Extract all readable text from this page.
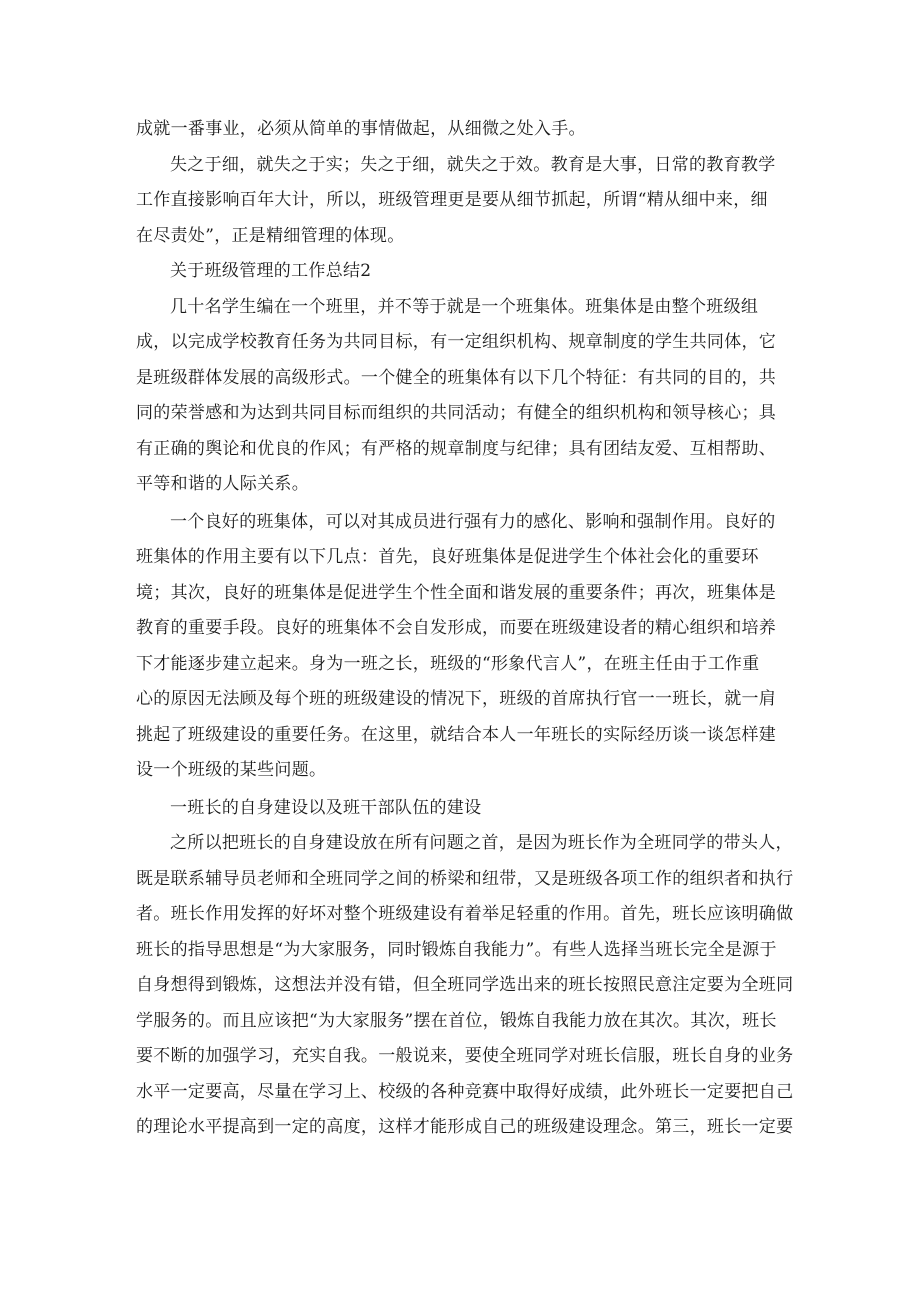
成就一番事业，必须从简单的事情做起，从细微之处入手。
失之于细，就失之于实；失之于细，就失之于效。教育是大事，日常的教育教学
工作直接影响百年大计，所以，班级管理更是要从细节抓起，所谓“精从细中来，细
在尽责处”，正是精细管理的体现。
关于班级管理的工作总结2
几十名学生编在一个班里，并不等于就是一个班集体。班集体是由整个班级组
成，以完成学校教育任务为共同目标，有一定组织机构、规章制度的学生共同体，它
是班级群体发展的高级形式。一个健全的班集体有以下几个特征：有共同的目的，共
同的荣誉感和为达到共同目标而组织的共同活动；有健全的组织机构和领导核心；具
有正确的舆论和优良的作风；有严格的规章制度与纪律；具有团结友爱、互相帮助、
平等和谐的人际关系。
一个良好的班集体，可以对其成员进行强有力的感化、影响和强制作用。良好的
班集体的作用主要有以下几点：首先，良好班集体是促进学生个体社会化的重要环
境；其次，良好的班集体是促进学生个性全面和谐发展的重要条件；再次，班集体是
教育的重要手段。良好的班集体不会自发形成，而要在班级建设者的精心组织和培养
下才能逐步建立起来。身为一班之长，班级的“形象代言人”，在班主任由于工作重
心的原因无法顾及每个班的班级建设的情况下，班级的首席执行官一一班长，就一肩
挑起了班级建设的重要任务。在这里，就结合本人一年班长的实际经历谈一谈怎样建
设一个班级的某些问题。
一班长的自身建设以及班干部队伍的建设
之所以把班长的自身建设放在所有问题之首，是因为班长作为全班同学的带头人，
既是联系辅导员老师和全班同学之间的桥梁和纽带，又是班级各项工作的组织者和执行
者。班长作用发挥的好坏对整个班级建设有着举足轻重的作用。首先，班长应该明确做
班长的指导思想是“为大家服务，同时锻炼自我能力”。有些人选择当班长完全是源于
自身想得到锻炼，这想法并没有错，但全班同学选出来的班长按照民意注定要为全班同
学服务的。而且应该把“为大家服务”摆在首位，锻炼自我能力放在其次。其次，班长
要不断的加强学习，充实自我。一般说来，要使全班同学对班长信服，班长自身的业务
水平一定要高，尽量在学习上、校级的各种竞赛中取得好成绩，此外班长一定要把自己
的理论水平提高到一定的高度，这样才能形成自己的班级建设理念。第三，班长一定要
